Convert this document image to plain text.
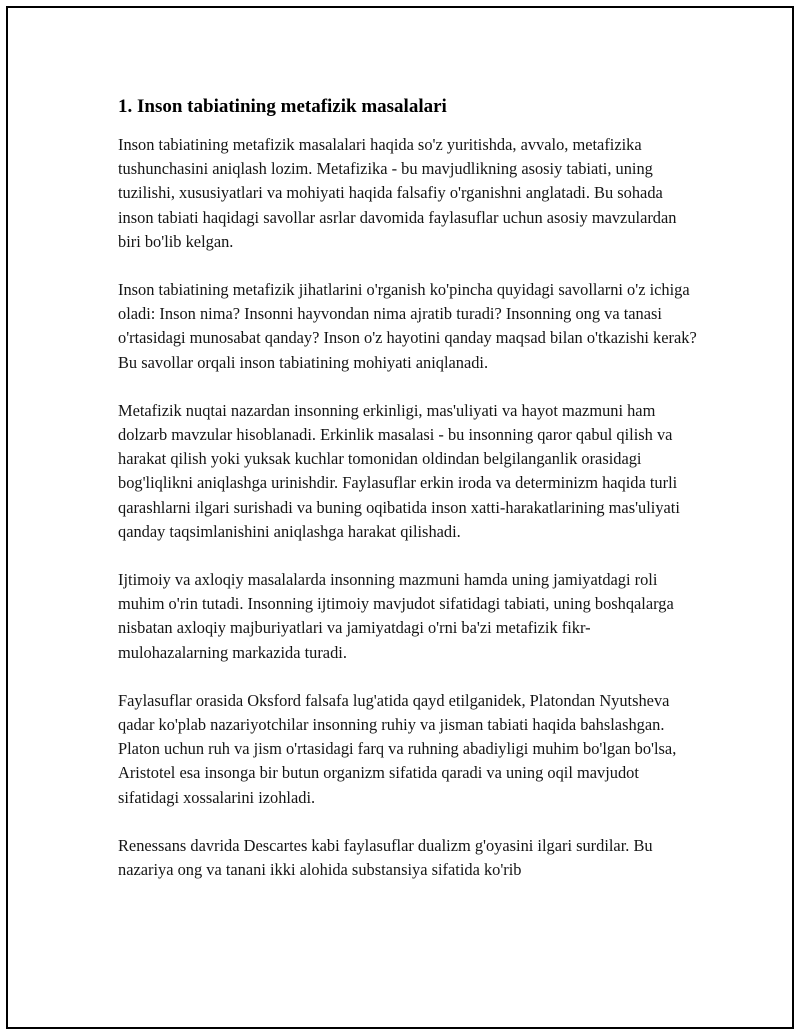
1. Inson tabiatining metafizik masalalari

Inson tabiatining metafizik masalalari haqida so'z yuritishda, avvalo, metafizika tushunchasini aniqlash lozim. Metafizika - bu mavjudlikning asosiy tabiati, uning tuzilishi, xususiyatlari va mohiyati haqida falsafiy o'rganishni anglatadi. Bu sohada inson tabiati haqidagi savollar asrlar davomida faylasuflar uchun asosiy mavzulardan biri bo'lib kelgan.

Inson tabiatining metafizik jihatlarini o'rganish ko'pincha quyidagi savollarni o'z ichiga oladi: Inson nima? Insonni hayvondan nima ajratib turadi? Insonning ong va tanasi o'rtasidagi munosabat qanday? Inson o'z hayotini qanday maqsad bilan o'tkazishi kerak? Bu savollar orqali inson tabiatining mohiyati aniqlanadi.

Metafizik nuqtai nazardan insonning erkinligi, mas'uliyati va hayot mazmuni ham dolzarb mavzular hisoblanadi. Erkinlik masalasi - bu insonning qaror qabul qilish va harakat qilish yoki yuksak kuchlar tomonidan oldindan belgilanganlik orasidagi bog'liqlikni aniqlashga urinishdir. Faylasuflar erkin iroda va determinizm haqida turli qarashlarni ilgari surishadi va buning oqibatida inson xatti-harakatlarining mas'uliyati qanday taqsimlanishini aniqlashga harakat qilishadi.

Ijtimoiy va axloqiy masalalarda insonning mazmuni hamda uning jamiyatdagi roli muhim o'rin tutadi. Insonning ijtimoiy mavjudot sifatidagi tabiati, uning boshqalarga nisbatan axloqiy majburiyatlari va jamiyatdagi o'rni ba'zi metafizik fikr-mulohazalarning markazida turadi.

Faylasuflar orasida Oksford falsafa lug'atida qayd etilganidek, Platondan Nyutsheva qadar ko'plab nazariyotchilar insonning ruhiy va jisman tabiati haqida bahslashgan. Platon uchun ruh va jism o'rtasidagi farq va ruhning abadiyligi muhim bo'lgan bo'lsa, Aristotel esa insonga bir butun organizm sifatida qaradi va uning oqil mavjudot sifatidagi xossalarini izohladi.

Renessans davrida Descartes kabi faylasuflar dualizm g'oyasini ilgari surdilar. Bu nazariya ong va tanani ikki alohida substansiya sifatida ko'rib
